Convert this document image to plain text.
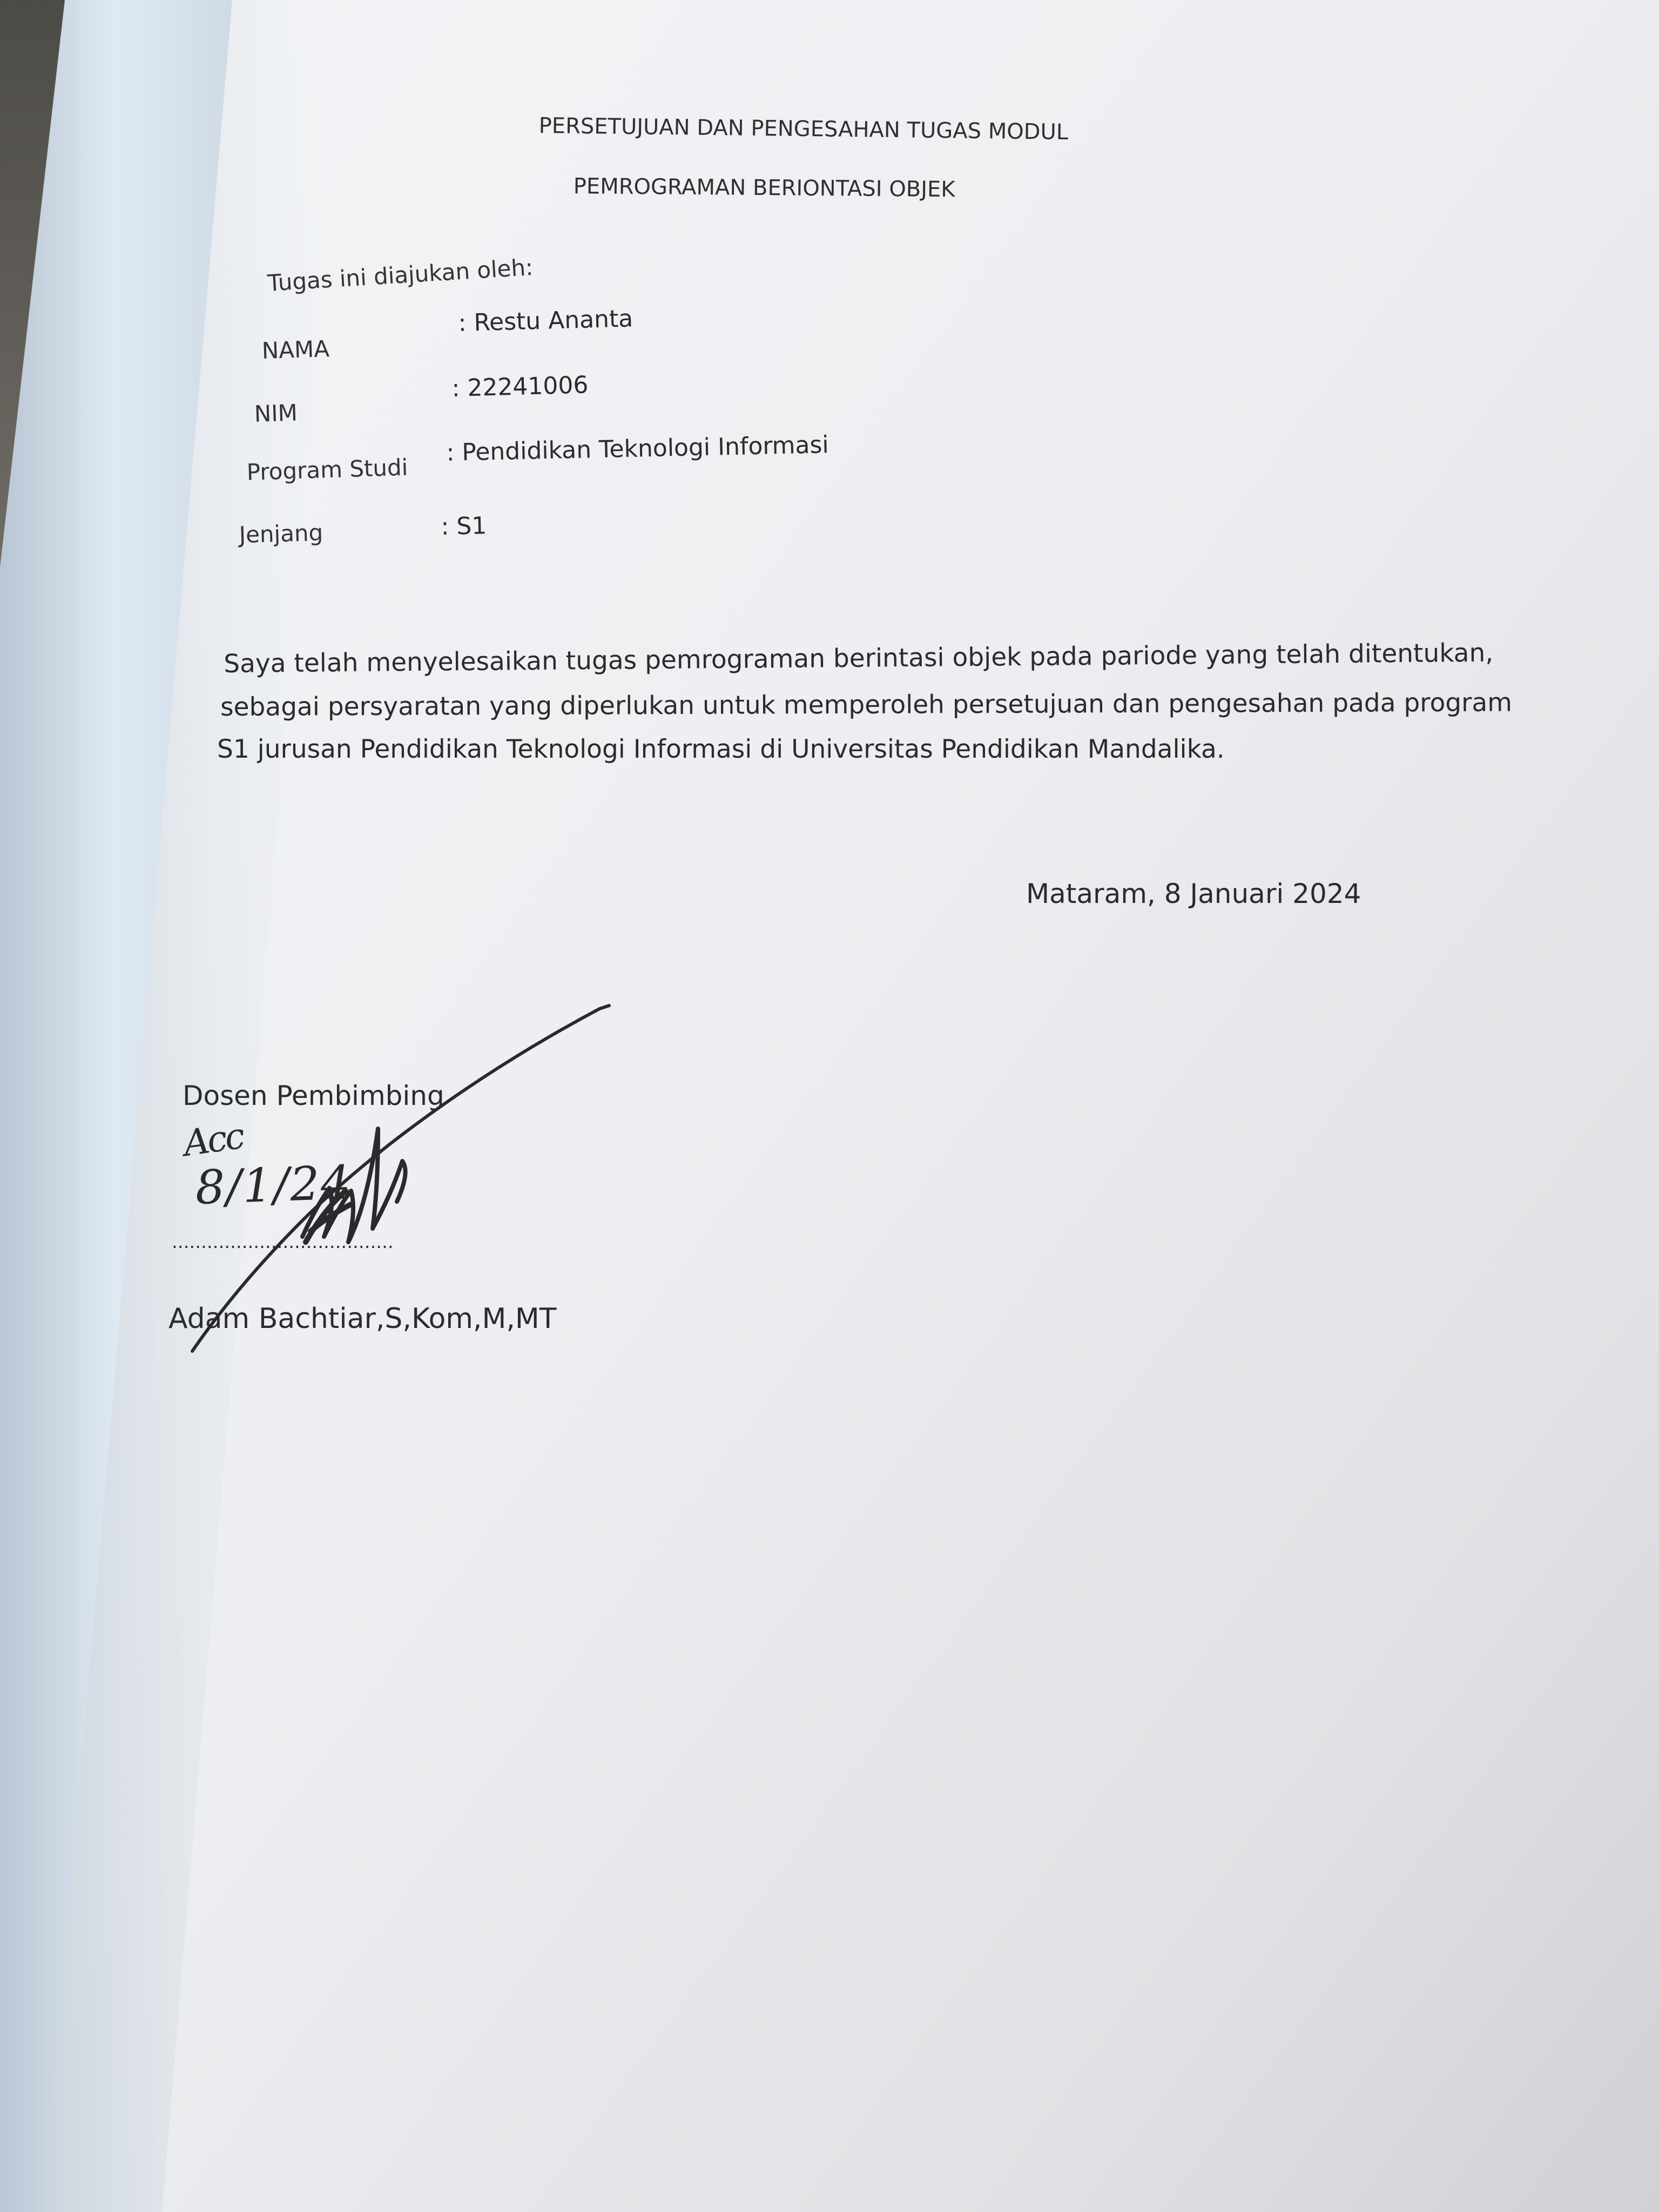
PERSETUJUAN DAN PENGESAHAN TUGAS MODUL
PEMROGRAMAN BERIONTASI OBJEK
Tugas ini diajukan oleh:
NAMA
: Restu Ananta
NIM
: 22241006
Program Studi
: Pendidikan Teknologi Informasi
Jenjang	: S1
Saya telah menyelesaikan tugas pemrograman berintasi objek pada pariode yang telah ditentukan,
sebagai persyaratan yang diperlukan untuk memperoleh persetujuan dan pengesahan pada program
S1 jurusan Pendidikan Teknologi Informasi di Universitas Pendidikan Mandalika.
Mataram, 8 Januari 2024
Dosen Pembimbing
Acc
8/1/24
......................................
Adam Bachtiar,S,Kom,M,MT
